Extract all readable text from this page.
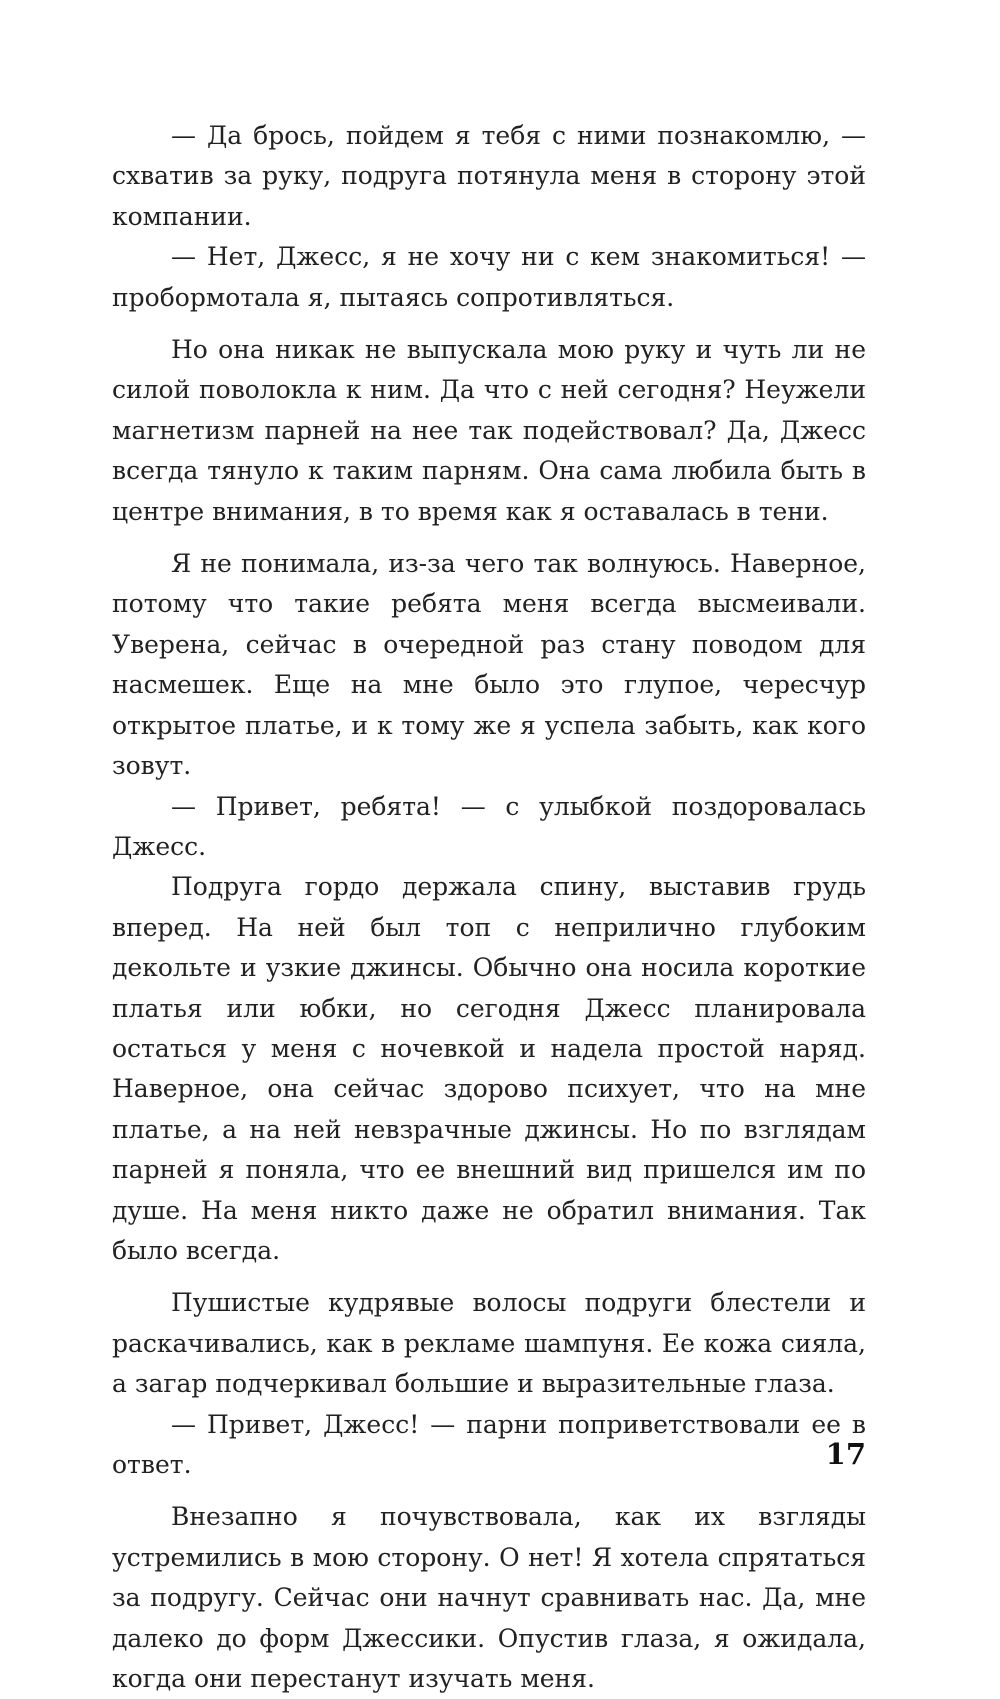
— Да брось, пойдем я тебя с ними познакомлю, — схватив за руку, подруга потянула меня в сторону этой компании.

— Нет, Джесс, я не хочу ни с кем знакомиться! — пробормотала я, пытаясь сопротивляться.

Но она никак не выпускала мою руку и чуть ли не силой поволокла к ним. Да что с ней сегодня? Неужели магнетизм парней на нее так подействовал? Да, Джесс всегда тянуло к таким парням. Она сама любила быть в центре внимания, в то время как я оставалась в тени.

Я не понимала, из-за чего так волнуюсь. Наверное, потому что такие ребята меня всегда высмеивали. Уверена, сейчас в очередной раз стану поводом для насмешек. Еще на мне было это глупое, чересчур открытое платье, и к тому же я успела забыть, как кого зовут.

— Привет, ребята! — с улыбкой поздоровалась Джесс.

Подруга гордо держала спину, выставив грудь вперед. На ней был топ с неприлично глубоким декольте и узкие джинсы. Обычно она носила короткие платья или юбки, но сегодня Джесс планировала остаться у меня с ночевкой и надела простой наряд. Наверное, она сейчас здорово психует, что на мне платье, а на ней невзрачные джинсы. Но по взглядам парней я поняла, что ее внешний вид пришелся им по душе. На меня никто даже не обратил внимания. Так было всегда.

Пушистые кудрявые волосы подруги блестели и раскачивались, как в рекламе шампуня. Ее кожа сияла, а загар подчеркивал большие и выразительные глаза.

— Привет, Джесс! — парни поприветствовали ее в ответ.

Внезапно я почувствовала, как их взгляды устремились в мою сторону. О нет! Я хотела спрятаться за подругу. Сейчас они начнут сравнивать нас. Да, мне далеко до форм Джессики. Опустив глаза, я ожидала, когда они перестанут изучать меня.

17
